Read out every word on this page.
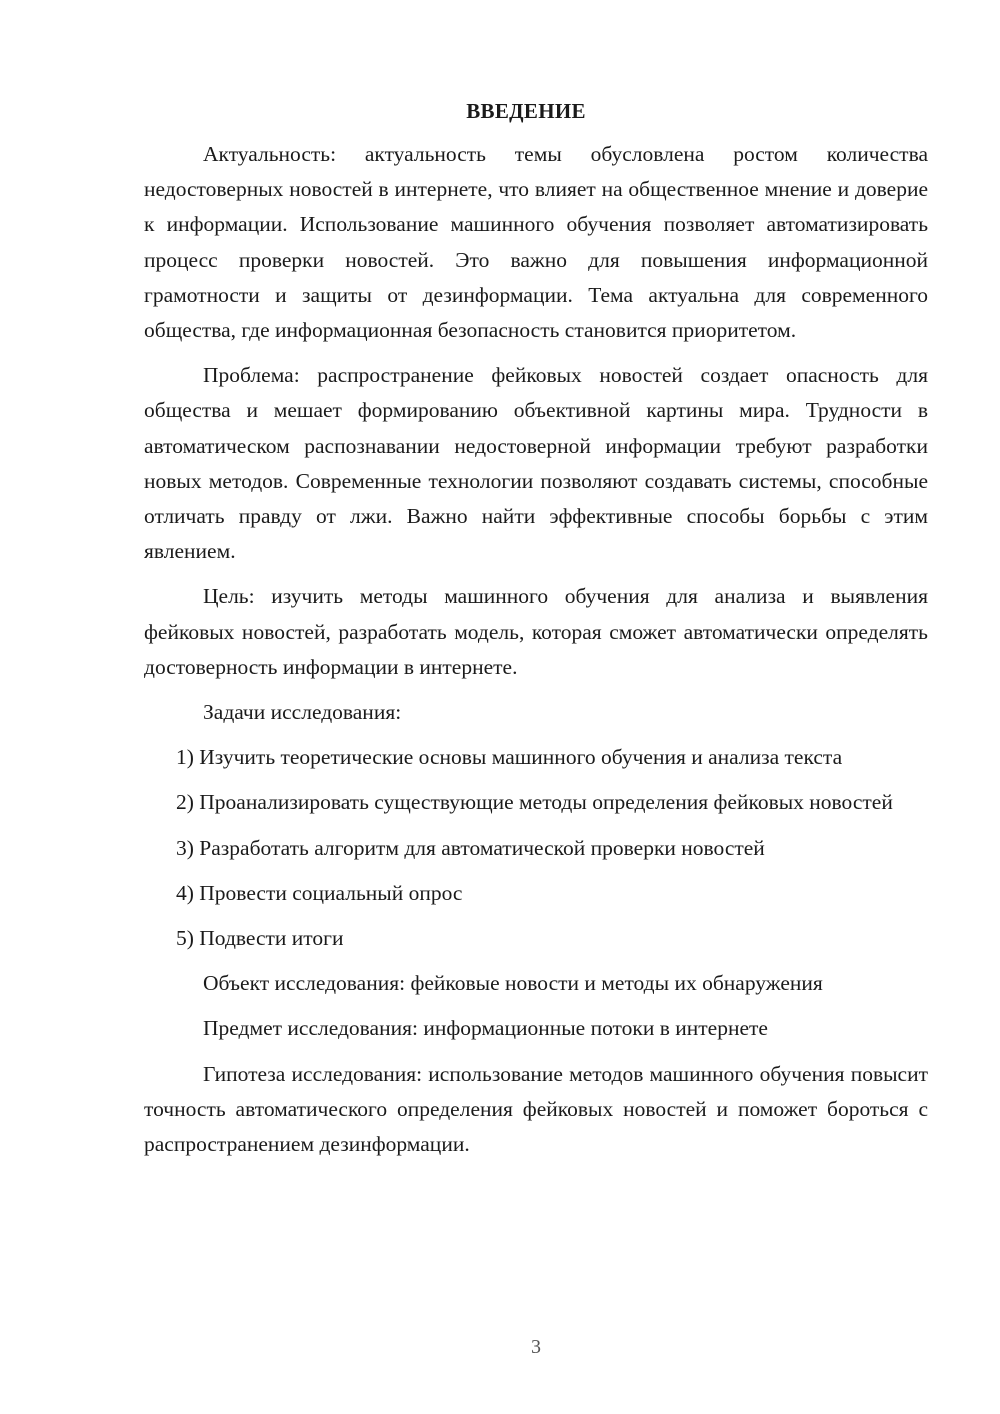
ВВЕДЕНИЕ

Актуальность: актуальность темы обусловлена ростом количества недостоверных новостей в интернете, что влияет на общественное мнение и доверие к информации. Использование машинного обучения позволяет автоматизировать процесс проверки новостей. Это важно для повышения информационной грамотности и защиты от дезинформации. Тема актуальна для современного общества, где информационная безопасность становится приоритетом.

Проблема: распространение фейковых новостей создает опасность для общества и мешает формированию объективной картины мира. Трудности в автоматическом распознавании недостоверной информации требуют разработки новых методов. Современные технологии позволяют создавать системы, способные отличать правду от лжи. Важно найти эффективные способы борьбы с этим явлением.

Цель: изучить методы машинного обучения для анализа и выявления фейковых новостей, разработать модель, которая сможет автоматически определять достоверность информации в интернете.

Задачи исследования:

1) Изучить теоретические основы машинного обучения и анализа текста

2) Проанализировать существующие методы определения фейковых новостей

3) Разработать алгоритм для автоматической проверки новостей

4) Провести социальный опрос

5) Подвести итоги

Объект исследования: фейковые новости и методы их обнаружения

Предмет исследования: информационные потоки в интернете

Гипотеза исследования: использование методов машинного обучения повысит точность автоматического определения фейковых новостей и поможет бороться с распространением дезинформации.

3
